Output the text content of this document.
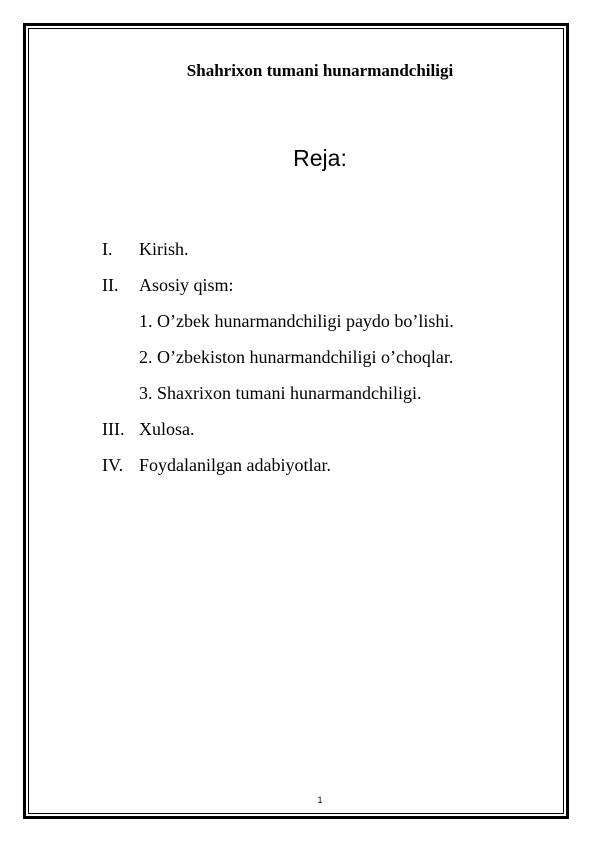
Shahrixon tumani hunarmandchiligi
Reja:
I. Kirish.
II. Asosiy qism:
1. O’zbek hunarmandchiligi paydo bo’lishi.
2. O’zbekiston hunarmandchiligi o’choqlar.
3. Shaxrixon tumani hunarmandchiligi.
III. Xulosa.
IV. Foydalanilgan adabiyotlar.
1
